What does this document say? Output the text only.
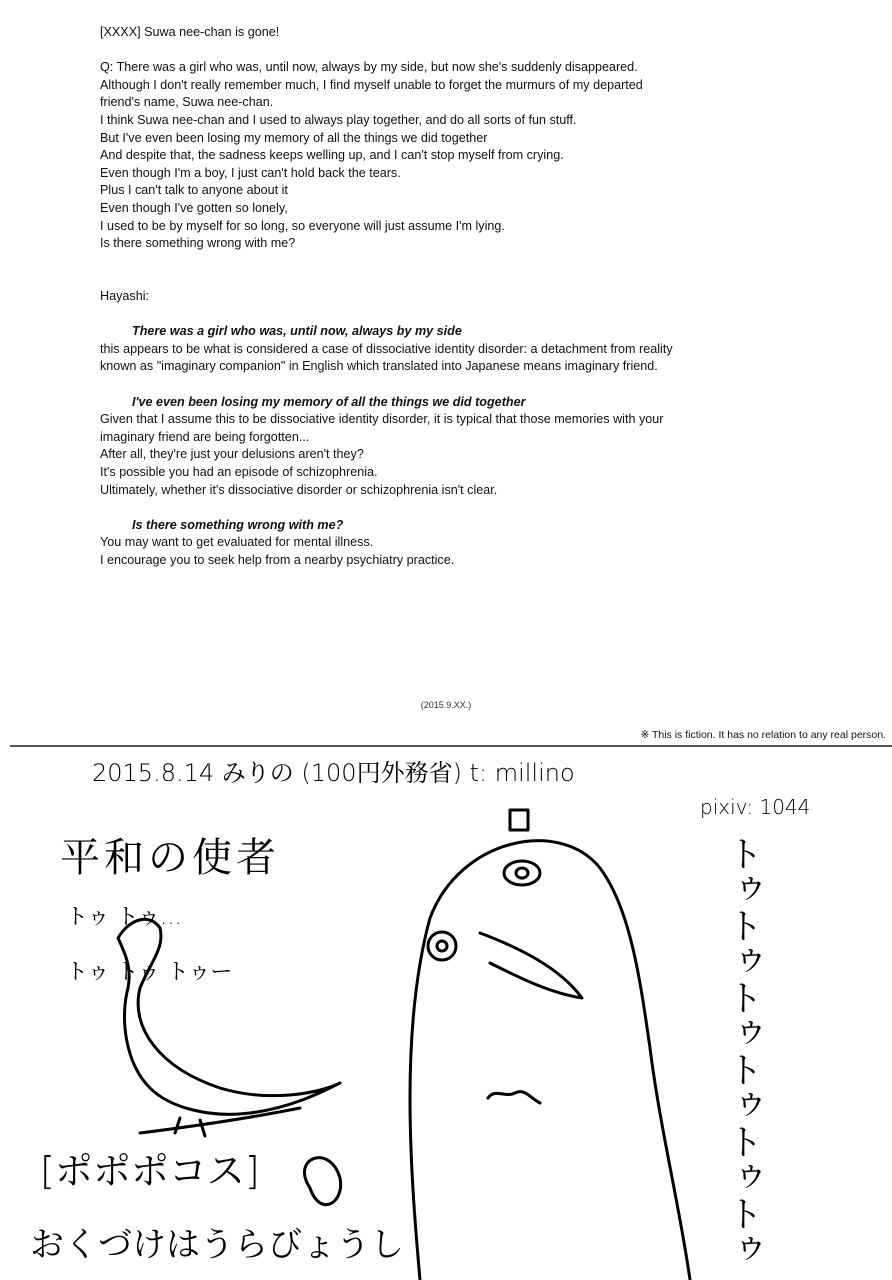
[XXXX] Suwa nee-chan is gone!
Q: There was a girl who was, until now, always by my side, but now she's suddenly disappeared.
Although I don't really remember much, I find myself unable to forget the murmurs of my departed
friend's name, Suwa nee-chan.
I think Suwa nee-chan and I used to always play together, and do all sorts of fun stuff.
But I've even been losing my memory of all the things we did together
And despite that, the sadness keeps welling up, and I can't stop myself from crying.
Even though I'm a boy, I just can't hold back the tears.
Plus I can't talk to anyone about it
Even though I've gotten so lonely,
I used to be by myself for so long, so everyone will just assume I'm lying.
Is there something wrong with me?
Hayashi:
There was a girl who was, until now, always by my side
this appears to be what is considered a case of dissociative identity disorder: a detachment from reality
known as "imaginary companion" in English which translated into Japanese means imaginary friend.
I've even been losing my memory of all the things we did together
Given that I assume this to be dissociative identity disorder, it is typical that those memories with your
imaginary friend are being forgotten...
After all, they're just your delusions aren't they?
It's possible you had an episode of schizophrenia.
Ultimately, whether it's dissociative disorder or schizophrenia isn't clear.
Is there something wrong with me?
You may want to get evaluated for mental illness.
I encourage you to seek help from a nearby psychiatry practice.
(2015.9.XX.)
※ This is fiction. It has no relation to any real person.
2015.8.14 みりの (100円外務省) t: millino
pixiv: 1044
平和の使者
トゥ トゥ…
トゥ トゥ トゥー
[ポポポコス]
おくづけはうらびょうし	トゥトゥトゥトゥトゥトゥ
